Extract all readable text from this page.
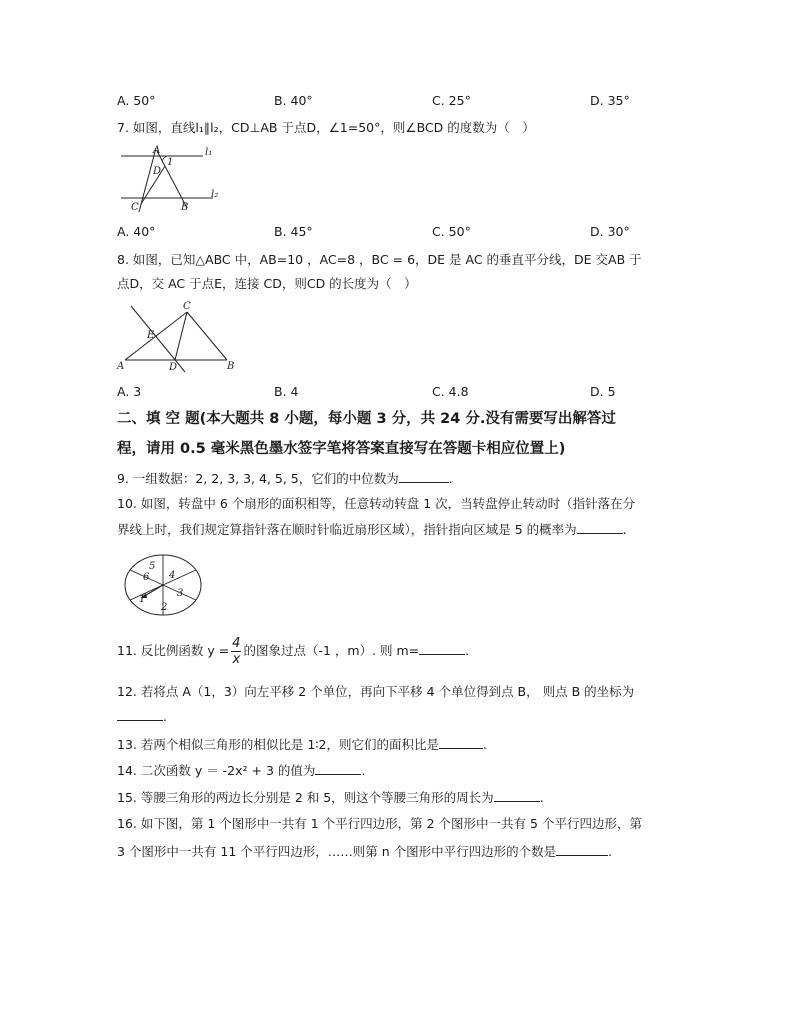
A. 50°	B. 40°	C. 25°	D. 35°
7. 如图，直线l₁∥l₂，CD⊥AB 于点D，∠1=50°，则∠BCD 的度数为（　）
A
1
l₁
D
l₂
C	B
A. 40°	B. 45°	C. 50°	D. 30°
8. 如图，已知△ABC 中，AB=10 ，AC=8 ，BC = 6，DE 是 AC 的垂直平分线，DE 交AB 于
点D，交 AC 于点E，连接 CD，则CD 的长度为（　）
C
E
A	D	B
A. 3	B. 4	C. 4.8	D. 5
二、填 空 题(本大题共 8 小题，每小题 3 分，共 24 分.没有需要写出解答过
程，请用 0.5 毫米黑色墨水签字笔将答案直接写在答题卡相应位置上)
9. 一组数据：2, 2, 3, 3, 4, 5, 5，它们的中位数为	.
10. 如图，转盘中 6 个扇形的面积相等，任意转动转盘 1 次，当转盘停止转动时（指针落在分
界线上时，我们规定算指针落在顺时针临近扇形区域），指针指向区域是 5 的概率为	.
5
4
3
2
1
6
11. 反比例函数 $y = \frac{4}{x}$ 的图象过点（-1 ，m）. 则 m=	.
12. 若将点 A（1，3）向左平移 2 个单位，再向下平移 4 个单位得到点 B， 则点 B 的坐标为
.
13. 若两个相似三角形的相似比是 1∶2，则它们的面积比是	.
14. 二次函数 y ＝ -2x² + 3 的值为	.
15. 等腰三角形的两边长分别是 2 和 5，则这个等腰三角形的周长为	.
16. 如下图，第 1 个图形中一共有 1 个平行四边形，第 2 个图形中一共有 5 个平行四边形，第
3 个图形中一共有 11 个平行四边形，……则第 n 个图形中平行四边形的个数是	.
